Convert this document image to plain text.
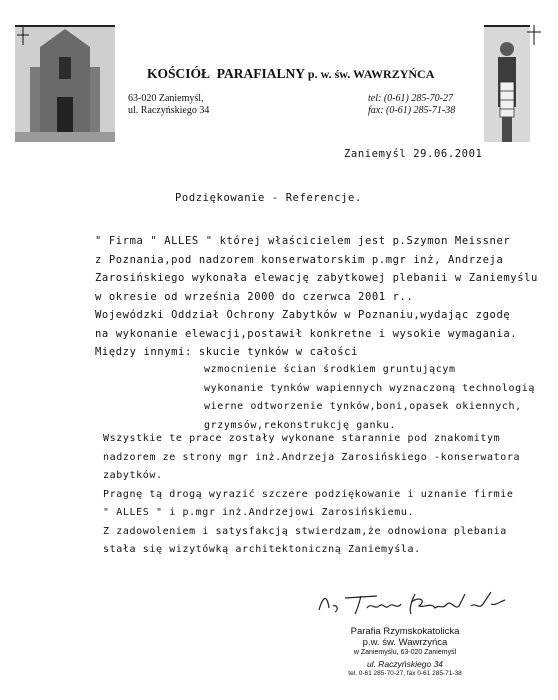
KOŚCIÓŁ  PARAFIALNY p. w. św. WAWRZYŃCA
63-020 Zaniemyśl,
ul. Raczyńskiego 34
tel: (0-61) 285-70-27
fax: (0-61) 285-71-38
Zaniemyśl 29.06.2001
Podziękowanie - Referencje.
" Firma " ALLES " której właścicielem jest p.Szymon Meissner
z Poznania,pod nadzorem konserwatorskim p.mgr inż, Andrzeja
Zarosińskiego wykonała elewację zabytkowej plebanii w Zaniemyślu
w okresie od września 2000 do czerwca 2001 r..
Wojewódzki Oddział Ochrony Zabytków w Poznaniu,wydając zgodę
na wykonanie elewacji,postawił konkretne i wysokie wymagania.
Między innymi: skucie tynków w całości
wzmocnienie ścian środkiem gruntującym
wykonanie tynków wapiennych wyznaczoną technologią
wierne odtworzenie tynków,boni,opasek okiennych,
grzymsów,rekonstrukcję ganku.
Wszystkie te prace zostały wykonane starannie pod znakomitym
nadzorem ze strony mgr inż.Andrzeja Zarosińskiego -konserwatora
zabytków.
Pragnę tą drogą wyrazić szczere podziękowanie i uznanie firmie
" ALLES " i p.mgr inż.Andrzejowi Zarosińskiemu.
Z zadowoleniem i satysfakcją stwierdzam,że odnowiona plebania
stała się wizytówką architektoniczną Zaniemyśla.
Parafia Rzymskokatolicka
p.w. św. Wawrzyńca
w Zaniemyślu, 63-020 Zaniemyśl
ul. Raczyńskiego 34
tel. 0-61 285-70-27, fax 0-61 285-71-38
